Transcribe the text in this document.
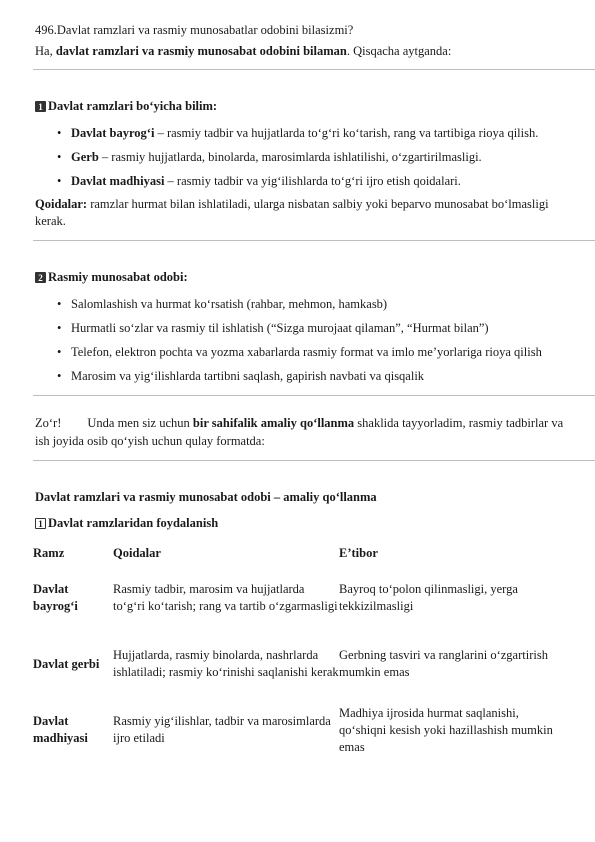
496.Davlat ramzlari va rasmiy munosabatlar odobini bilasizmi?

Ha, davlat ramzlari va rasmiy munosabat odobini bilaman. Qisqacha aytganda:

1 Davlat ramzlari bo‘yicha bilim:
• Davlat bayrog‘i – rasmiy tadbir va hujjatlarda to‘g‘ri ko‘tarish, rang va tartibiga rioya qilish.
• Gerb – rasmiy hujjatlarda, binolarda, marosimlarda ishlatilishi, o‘zgartirilmasligi.
• Davlat madhiyasi – rasmiy tadbir va yig‘ilishlarda to‘g‘ri ijro etish qoidalari.

Qoidalar: ramzlar hurmat bilan ishlatiladi, ularga nisbatan salbiy yoki beparvo munosabat bo‘lmasligi kerak.

2 Rasmiy munosabat odobi:
• Salomlashish va hurmat ko‘rsatish (rahbar, mehmon, hamkasb)
• Hurmatli so‘zlar va rasmiy til ishlatish (“Sizga murojaat qilaman”, “Hurmat bilan”)
• Telefon, elektron pochta va yozma xabarlarda rasmiy format va imlo me’yorlariga rioya qilish
• Marosim va yig‘ilishlarda tartibni saqlash, gapirish navbati va qisqalik

Zo‘r! Unda men siz uchun bir sahifalik amaliy qo‘llanma shaklida tayyorladim, rasmiy tadbirlar va ish joyida osib qo‘yish uchun qulay formatda:

Davlat ramzlari va rasmiy munosabat odobi – amaliy qo‘llanma

1 Davlat ramzlaridan foydalanish
Ramz	Qoidalar	E’tibor
Davlat bayrog‘i	Rasmiy tadbir, marosim va hujjatlarda to‘g‘ri ko‘tarish; rang va tartib o‘zgarmasligi	Bayroq to‘polon qilinmasligi, yerga tekkizilmasligi
Davlat gerbi	Hujjatlarda, rasmiy binolarda, nashrlarda ishlatiladi; rasmiy ko‘rinishi saqlanishi kerak	Gerbning tasviri va ranglarini o‘zgartirish mumkin emas
Davlat madhiyasi	Rasmiy yig‘ilishlar, tadbir va marosimlarda ijro etiladi	Madhiya ijrosida hurmat saqlanishi, qo‘shiqni kesish yoki hazillashish mumkin emas
